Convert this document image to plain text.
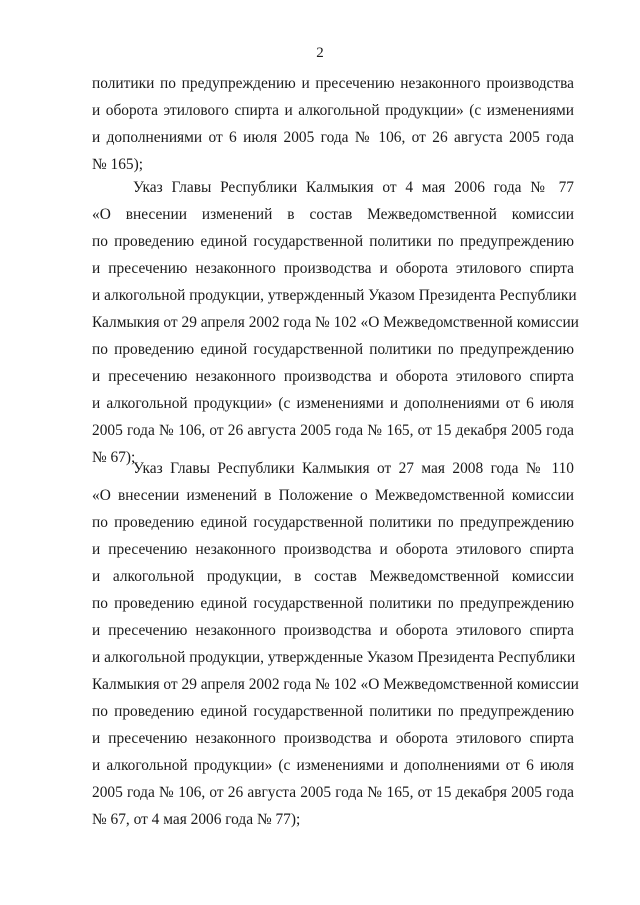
2
политики по предупреждению и пресечению незаконного производства
и оборота этилового спирта и алкогольной продукции» (с изменениями
и дополнениями от 6 июля 2005 года № 106, от 26 августа 2005 года
№ 165);
Указ Главы Республики Калмыкия от 4 мая 2006 года № 77
«О внесении изменений в состав Межведомственной комиссии
по проведению единой государственной политики по предупреждению
и пресечению незаконного производства и оборота этилового спирта
и алкогольной продукции, утвержденный Указом Президента Республики
Калмыкия от 29 апреля 2002 года № 102 «О Межведомственной комиссии
по проведению единой государственной политики по предупреждению
и пресечению незаконного производства и оборота этилового спирта
и алкогольной продукции» (с изменениями и дополнениями от 6 июля
2005 года № 106, от 26 августа 2005 года № 165, от 15 декабря 2005 года
№ 67);
Указ Главы Республики Калмыкия от 27 мая 2008 года № 110
«О внесении изменений в Положение о Межведомственной комиссии
по проведению единой государственной политики по предупреждению
и пресечению незаконного производства и оборота этилового спирта
и алкогольной продукции, в состав Межведомственной комиссии
по проведению единой государственной политики по предупреждению
и пресечению незаконного производства и оборота этилового спирта
и алкогольной продукции, утвержденные Указом Президента Республики
Калмыкия от 29 апреля 2002 года № 102 «О Межведомственной комиссии
по проведению единой государственной политики по предупреждению
и пресечению незаконного производства и оборота этилового спирта
и алкогольной продукции» (с изменениями и дополнениями от 6 июля
2005 года № 106, от 26 августа 2005 года № 165, от 15 декабря 2005 года
№ 67, от 4 мая 2006 года № 77);
